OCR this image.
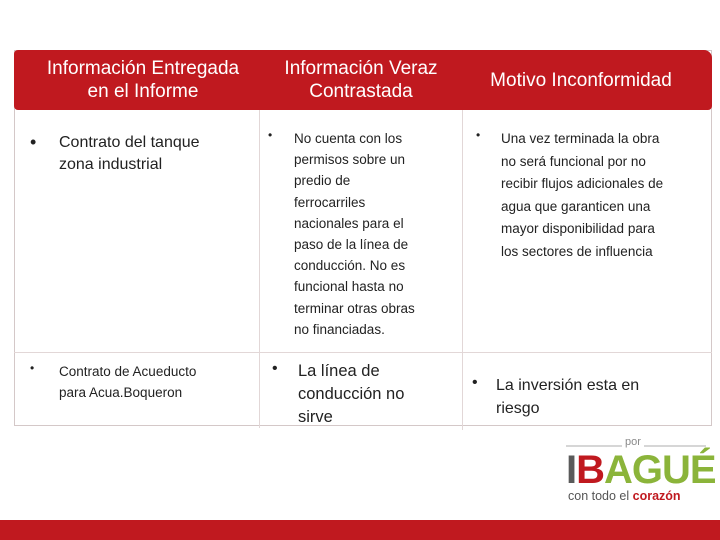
Información Entregada
en el Informe
Información Veraz
Contrastada
Motivo Inconformidad
• Contrato del tanque
zona industrial
• No cuenta con los
permisos sobre un
predio de
ferrocarriles
nacionales para el
paso de la línea de
conducción. No es
funcional hasta no
terminar otras obras
no financiadas.
• Una vez terminada la obra
no será funcional por no
recibir flujos adicionales de
agua que garanticen una
mayor disponibilidad para
los sectores de influencia
• Contrato de Acueducto
para Acua.Boqueron
• La línea de
conducción no
sirve
• La inversión esta en
riesgo
por
IBAGUÉ
con todo el corazón
